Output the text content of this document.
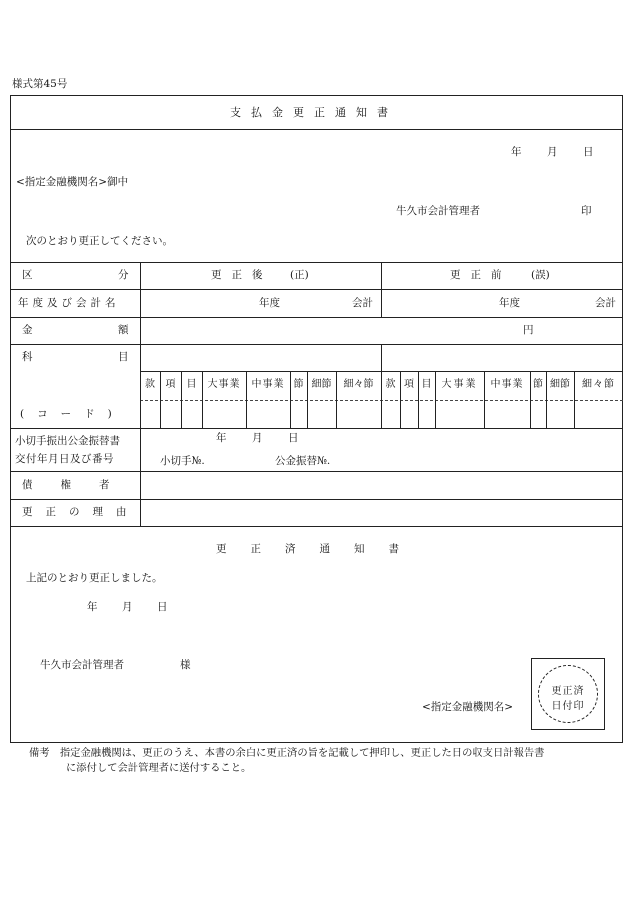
様式第45号
支払金更正通知書
年 月 日
<指定金融機関名>御中
牛久市会計管理者	印
次のとおり更正してください。
区	分	更正後 (正)	更正前 (誤)
年度及び会計名	年度	会計	年度	会計
金	額	円
科	目
(コード)
款	項	目	大事業	中事業 節 細節	細々節	款 項 目	大事業	中事業 節 細節	細々節
小切手振出公金振替書
交付年月日及び番号
年 月 日
小切手№.	公金振替№.
債権者
更正の理由
更正済通知書
上記のとおり更正しました。
年 月 日
牛久市会計管理者	様
<指定金融機関名>
更正済
日付印
備考　指定金融機関は、更正のうえ、本書の余白に更正済の旨を記載して押印し、更正した日の収支日計報告書
に添付して会計管理者に送付すること。
